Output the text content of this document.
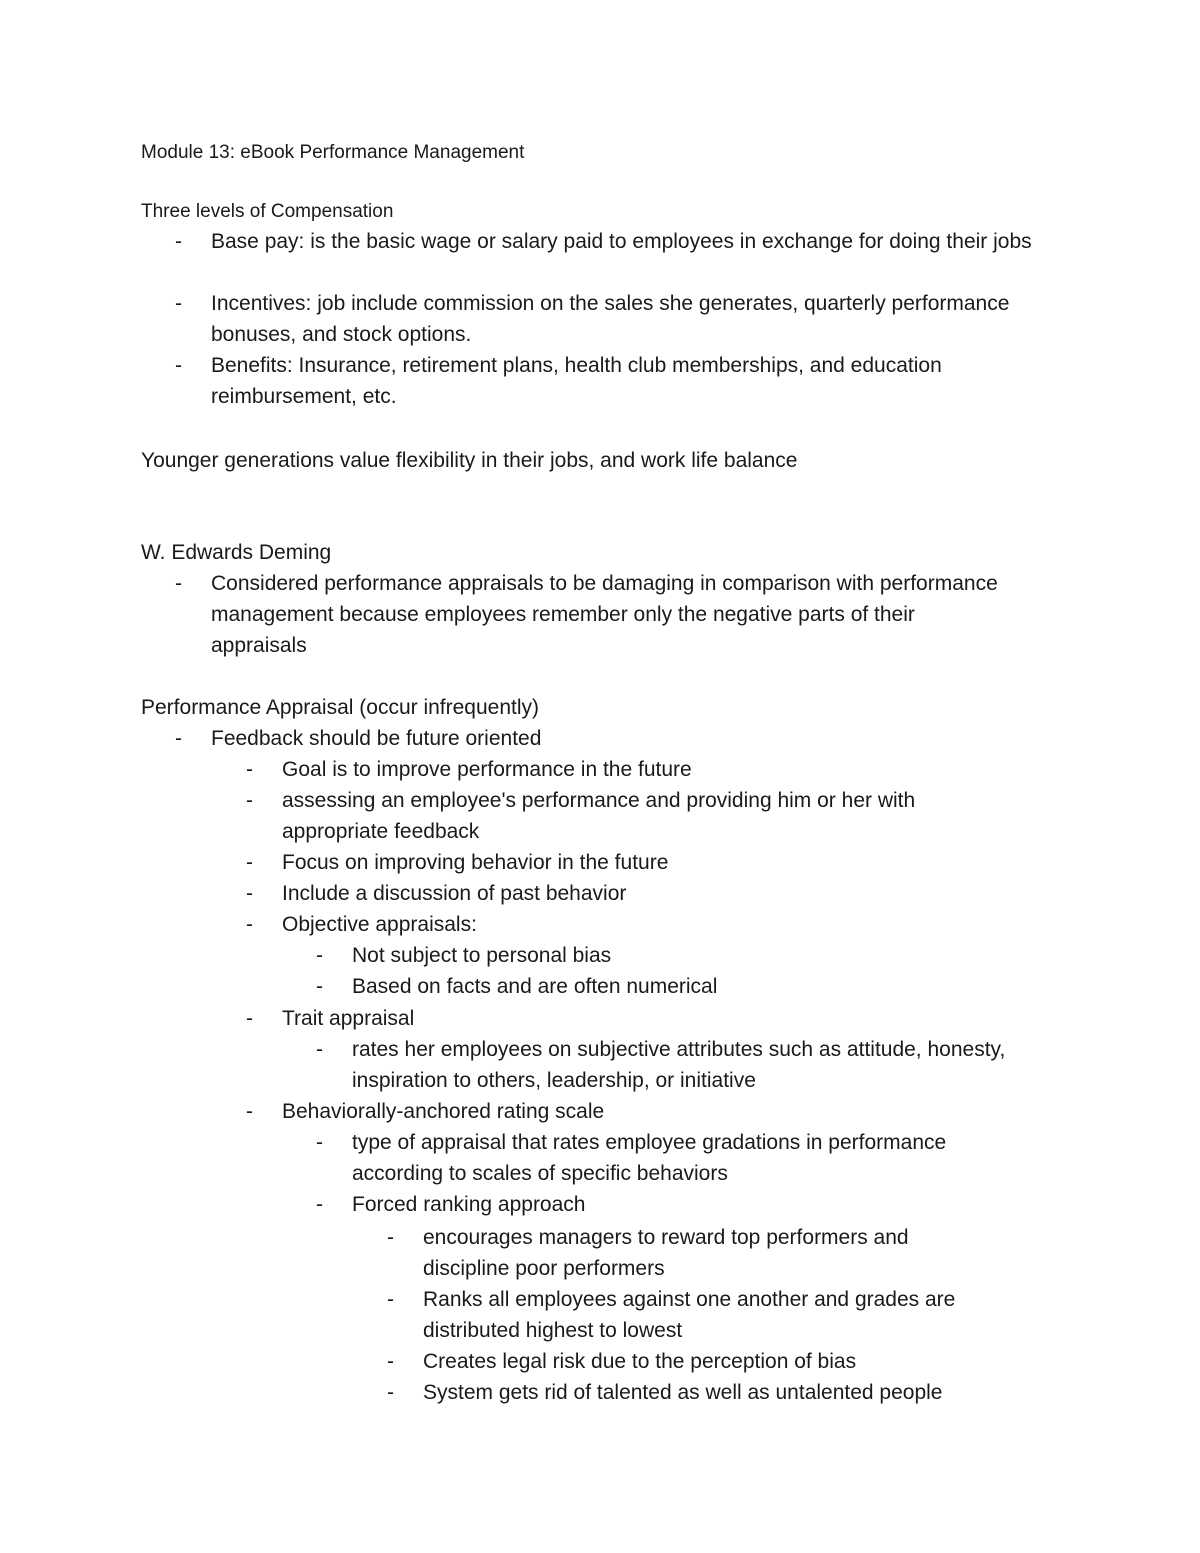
Module 13: eBook Performance Management
Three levels of Compensation
- Base pay: is the basic wage or salary paid to employees in exchange for doing their jobs
- Incentives: job include commission on the sales she generates, quarterly performance bonuses, and stock options.
- Benefits: Insurance, retirement plans, health club memberships, and education reimbursement, etc.
Younger generations value flexibility in their jobs, and work life balance
W. Edwards Deming
- Considered performance appraisals to be damaging in comparison with performance management because employees remember only the negative parts of their appraisals
Performance Appraisal (occur infrequently)
- Feedback should be future oriented
- Goal is to improve performance in the future
- assessing an employee's performance and providing him or her with appropriate feedback
- Focus on improving behavior in the future
- Include a discussion of past behavior
- Objective appraisals:
- Not subject to personal bias
- Based on facts and are often numerical
- Trait appraisal
- rates her employees on subjective attributes such as attitude, honesty, inspiration to others, leadership, or initiative
- Behaviorally-anchored rating scale
- type of appraisal that rates employee gradations in performance according to scales of specific behaviors
- Forced ranking approach
- encourages managers to reward top performers and discipline poor performers
- Ranks all employees against one another and grades are distributed highest to lowest
- Creates legal risk due to the perception of bias
- System gets rid of talented as well as untalented people
